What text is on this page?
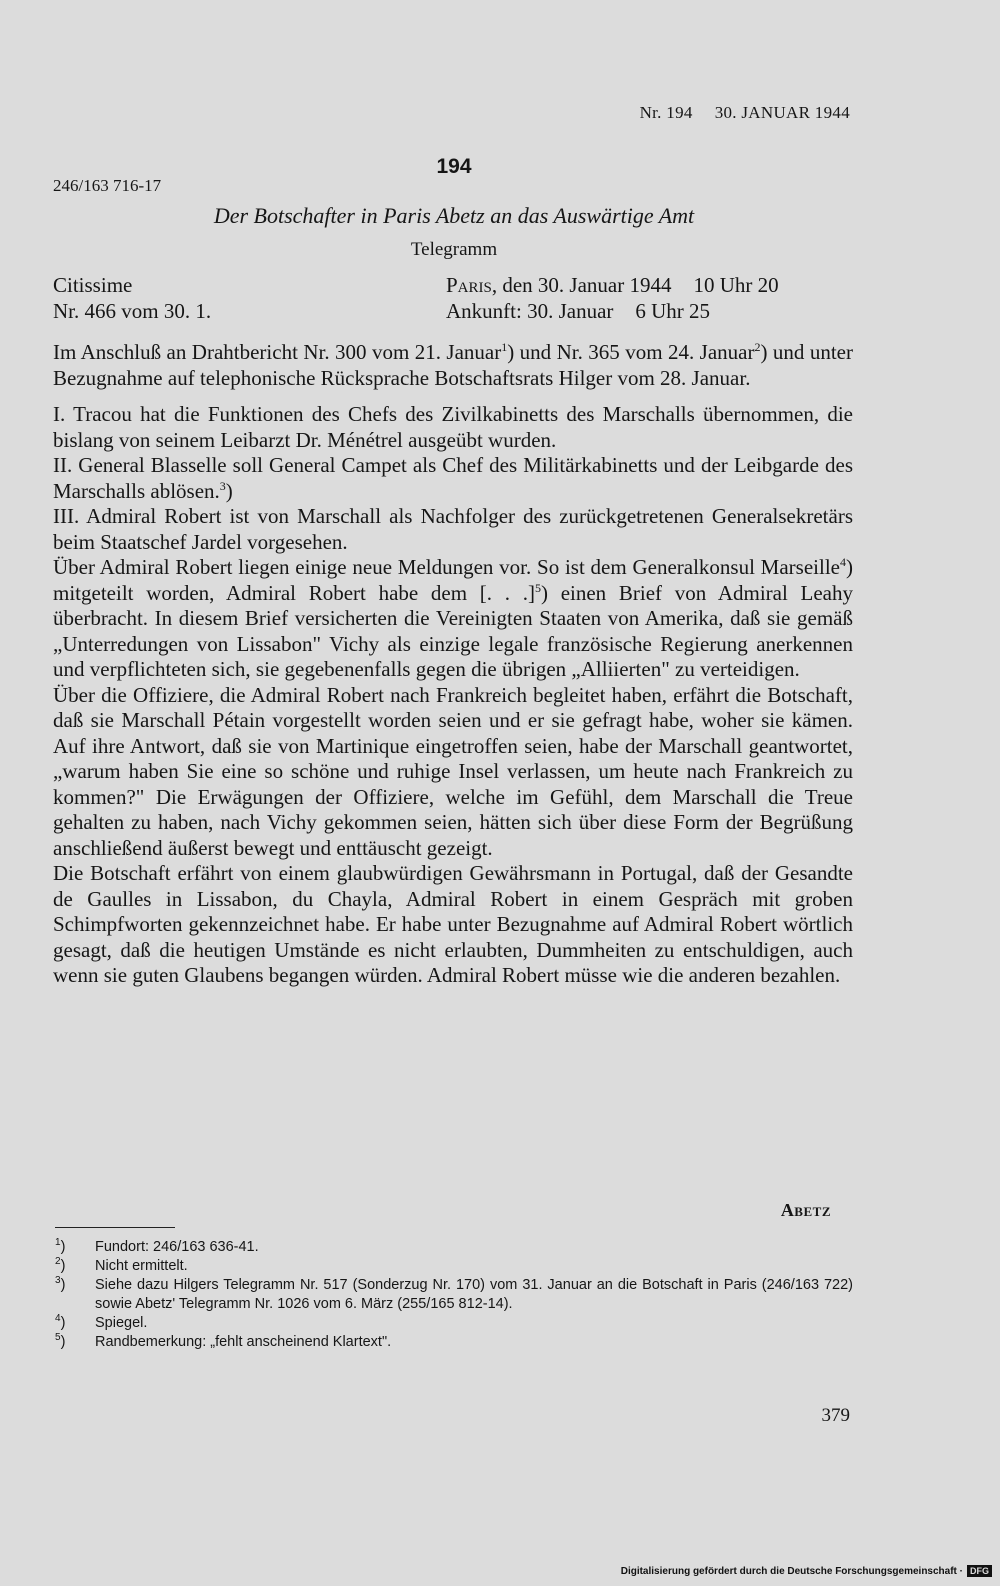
Nr. 194 30. JANUAR 1944
194
246/163 716-17
Der Botschafter in Paris Abetz an das Auswärtige Amt
Telegramm
Citissime	Paris, den 30. Januar 1944 10 Uhr 20
Nr. 466 vom 30. 1.	Ankunft: 30. Januar 6 Uhr 25

Im Anschluß an Drahtbericht Nr. 300 vom 21. Januar$^1$) und Nr. 365 vom 24. Januar$^2$) und unter Bezugnahme auf telephonische Rücksprache Botschaftsrats Hilger vom 28. Januar.

I. Tracou hat die Funktionen des Chefs des Zivilkabinetts des Marschalls übernommen, die bislang von seinem Leibarzt Dr. Ménétrel ausgeübt wurden.

II. General Blasselle soll General Campet als Chef des Militärkabinetts und der Leibgarde des Marschalls ablösen.$^3$)

III. Admiral Robert ist von Marschall als Nachfolger des zurückgetretenen Generalsekretärs beim Staatschef Jardel vorgesehen.

Über Admiral Robert liegen einige neue Meldungen vor. So ist dem Generalkonsul Marseille$^4$) mitgeteilt worden, Admiral Robert habe dem [. . .]$^5$) einen Brief von Admiral Leahy überbracht. In diesem Brief versicherten die Vereinigten Staaten von Amerika, daß sie gemäß „Unterredungen von Lissabon" Vichy als einzige legale französische Regierung anerkennen und verpflichteten sich, sie gegebenenfalls gegen die übrigen „Alliierten" zu verteidigen.

Über die Offiziere, die Admiral Robert nach Frankreich begleitet haben, erfährt die Botschaft, daß sie Marschall Pétain vorgestellt worden seien und er sie gefragt habe, woher sie kämen. Auf ihre Antwort, daß sie von Martinique eingetroffen seien, habe der Marschall geantwortet, „warum haben Sie eine so schöne und ruhige Insel verlassen, um heute nach Frankreich zu kommen?" Die Erwägungen der Offiziere, welche im Gefühl, dem Marschall die Treue gehalten zu haben, nach Vichy gekommen seien, hätten sich über diese Form der Begrüßung anschließend äußerst bewegt und enttäuscht gezeigt.

Die Botschaft erfährt von einem glaubwürdigen Gewährsmann in Portugal, daß der Gesandte de Gaulles in Lissabon, du Chayla, Admiral Robert in einem Gespräch mit groben Schimpfworten gekennzeichnet habe. Er habe unter Bezugnahme auf Admiral Robert wörtlich gesagt, daß die heutigen Umstände es nicht erlaubten, Dummheiten zu entschuldigen, auch wenn sie guten Glaubens begangen würden. Admiral Robert müsse wie die anderen bezahlen.

Abetz
$^1$) Fundort: 246/163 636-41.
$^2$) Nicht ermittelt.
$^3$) Siehe dazu Hilgers Telegramm Nr. 517 (Sonderzug Nr. 170) vom 31. Januar an die Botschaft in Paris (246/163 722) sowie Abetz' Telegramm Nr. 1026 vom 6. März (255/165 812-14).
$^4$) Spiegel.
$^5$) Randbemerkung: „fehlt anscheinend Klartext".
379
Digitalisierung gefördert durch die Deutsche Forschungsgemeinschaft · DFG
